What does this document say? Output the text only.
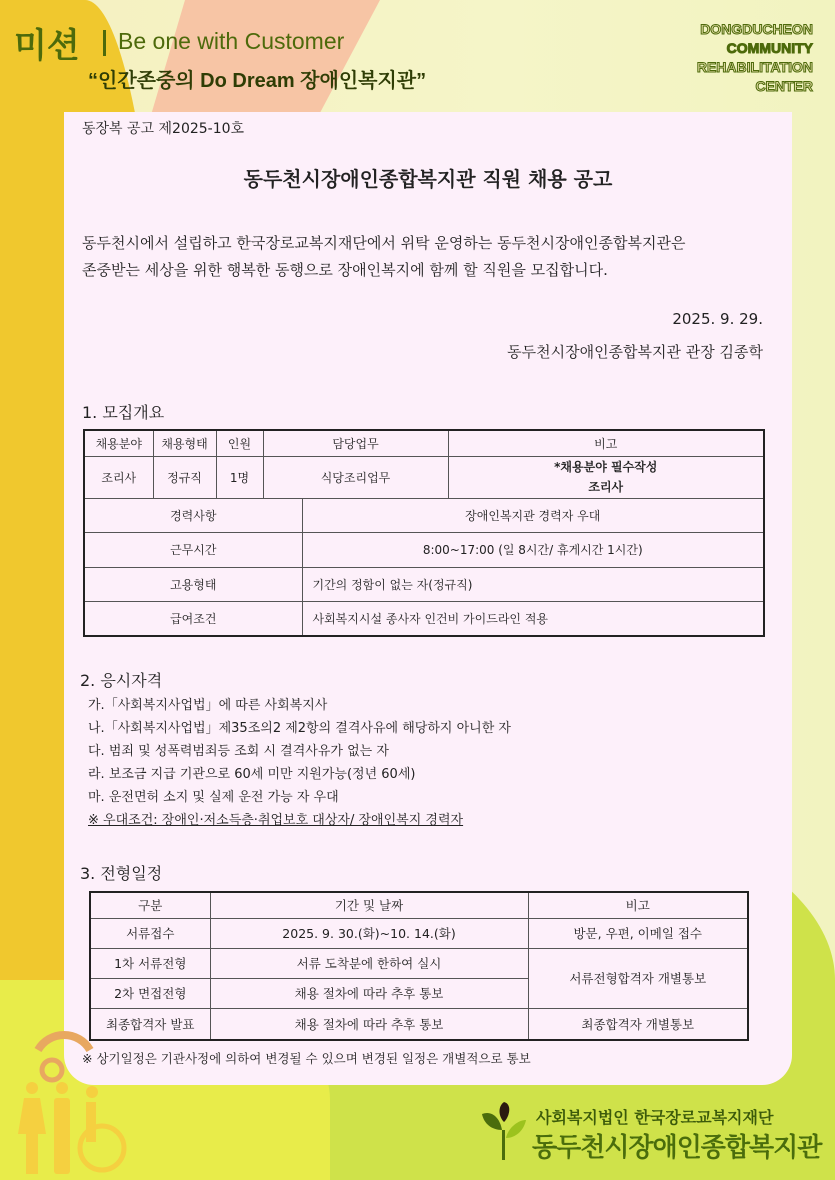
미션 Be one with Customer
“인간존중의 Do Dream 장애인복지관”
DONGDUCHEON
COMMUNITY
REHABILITATION
CENTER
동장복 공고 제2025-10호
동두천시장애인종합복지관 직원 채용 공고
동두천시에서 설립하고 한국장로교복지재단에서 위탁 운영하는 동두천시장애인종합복지관은
존중받는 세상을 위한 행복한 동행으로 장애인복지에 함께 할 직원을 모집합니다.
2025. 9. 29.
동두천시장애인종합복지관 관장 김종학
1. 모집개요
채용분야	채용형태	인원	담당업무		비고
조리사	정규직	1명	식당조리업무		*채용분야 필수작성
조리사

경력사항				장애인복지관 경력자 우대	
근무시간				8:00~17:00 (일 8시간/ 휴게시간 1시간)	
고용형태				기간의 정함이 없는 자(정규직)	
급여조건				사회복지시설 종사자 인건비 가이드라인 적용	
2. 응시자격
가.「사회복지사업법」에 따른 사회복지사
나.「사회복지사업법」제35조의2 제2항의 결격사유에 해당하지 아니한 자
다. 범죄 및 성폭력범죄등 조회 시 결격사유가 없는 자
라. 보조금 지급 기관으로 60세 미만 지원가능(정년 60세)
마. 운전면허 소지 및 실제 운전 가능 자 우대
※ 우대조건: 장애인·저소득층·취업보호 대상자/ 장애인복지 경력자
3. 전형일정
구분	기간 및 날짜	비고
서류접수	2025. 9. 30.(화)~10. 14.(화)	방문, 우편, 이메일 접수
1차 서류전형	서류 도착분에 한하여 실시	서류전형합격자 개별통보
2차 면접전형	채용 절차에 따라 추후 통보	
최종합격자 발표	채용 절차에 따라 추후 통보	최종합격자 개별통보
※ 상기일정은 기관사정에 의하여 변경될 수 있으며 변경된 일정은 개별적으로 통보
사회복지법인 한국장로교복지재단
동두천시장애인종합복지관
